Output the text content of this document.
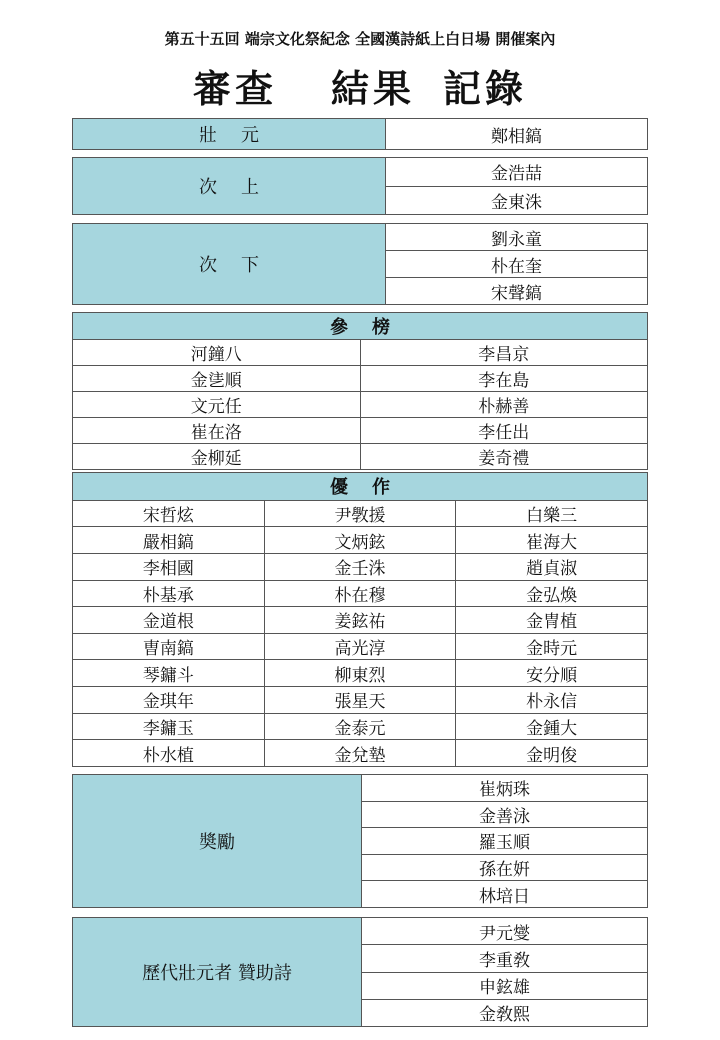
第五十五回 端宗文化祭紀念 全國漢詩紙上白日場 開催案內
審查 結果 記錄
壯元	鄭相鎬
次上	金浩喆
金東洙
次下	劉永童
朴在奎
宋聲鎬
參榜	
河鐘八	李昌京
金乼順	李在島
文元任	朴赫善
崔在洛	李任出
金柳延	姜奇禮
優作		
宋哲炫	尹斆援	白樂三
嚴相鎬	文炳鉉	崔海大
李相國	金壬洙	趙貞淑
朴基承	朴在穆	金弘煥
金道根	姜鉉祐	金冑植
曺南鎬	高光淳	金時元
琴鏞斗	柳東烈	安分順
金琪年	張星天	朴永信
李鏞玉	金泰元	金鍾大
朴水植	金兌墊	金明俊
奬勵	崔炳珠
金善泳
羅玉順
孫在姸
林培日
歷代壯元者 贊助詩	尹元燮
李重敎
申鉉雄
金敎熙
